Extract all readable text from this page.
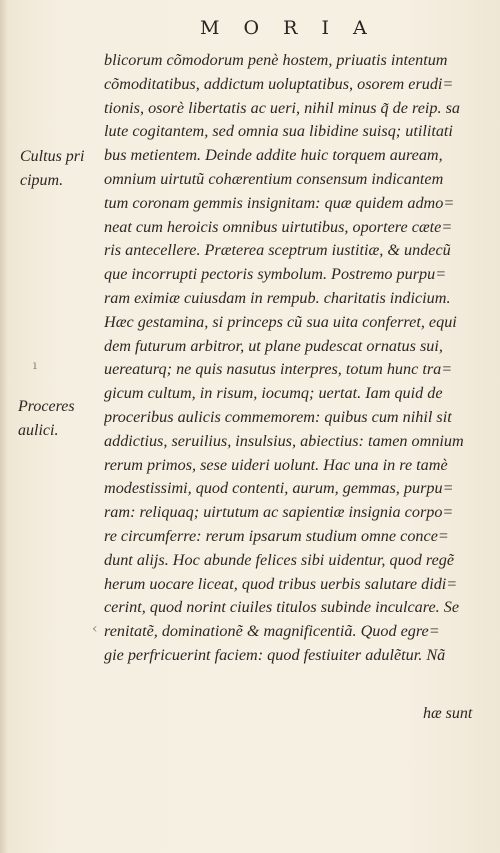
M O R I A
Cultus pri
cipum.
Proceres
aulici.
ı
‹
blicorum cõmodorum penè hostem, priuatis intentum
cõmoditatibus, addictum uoluptatibus, osorem erudi=
tionis, osorè libertatis ac ueri, nihil minus q̃ de reip. sa
lute cogitantem, sed omnia sua libidine suisq; utilitati
bus metientem. Deinde addite huic torquem auream,
omnium uirtutũ cohærentium consensum indicantem
tum coronam gemmis insignitam: quæ quidem admo=
neat cum heroicis omnibus uirtutibus, oportere cæte=
ris antecellere. Præterea sceptrum iustitiæ, & undecũ
que incorrupti pectoris symbolum. Postremo purpu=
ram eximiæ cuiusdam in rempub. charitatis indicium.
Hæc gestamina, si princeps cũ sua uita conferret, equi
dem futurum arbitror, ut plane pudescat ornatus sui,
uereaturq; ne quis nasutus interpres, totum hunc tra=
gicum cultum, in risum, iocumq; uertat. Iam quid de
proceribus aulicis commemorem: quibus cum nihil sit
addictius, seruilius, insulsius, abiectius: tamen omnium
rerum primos, sese uideri uolunt. Hac una in re tamè
modestissimi, quod contenti, aurum, gemmas, purpu=
ram: reliquaq; uirtutum ac sapientiæ insignia corpo=
re circumferre: rerum ipsarum studium omne conce=
dunt alijs. Hoc abunde felices sibi uidentur, quod regẽ
herum uocare liceat, quod tribus uerbis salutare didi=
cerint, quod norint ciuiles titulos subinde inculcare. Se
renitatẽ, dominationẽ & magnificentiã. Quod egre=
gie perfricuerint faciem: quod festiuiter adulẽtur. Nã
hæ sunt
